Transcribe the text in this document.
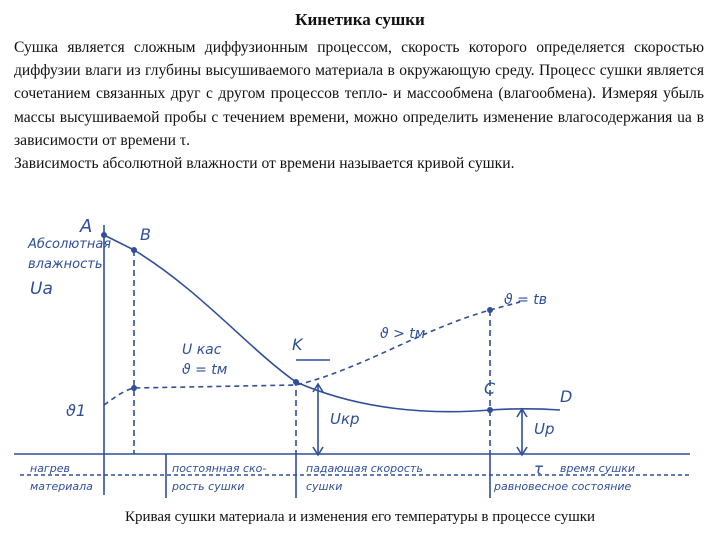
Кинетика сушки

Сушка является сложным диффузионным процессом, скорость которого определяется скоростью диффузии влаги из глубины высушиваемого материала в окружающую среду. Процесс сушки является сочетанием связанных друг с другом процессов тепло- и массообмена (влагообмена). Измеряя убыль массы высушиваемой пробы с течением времени, можно определить изменение влагосодержания uа в зависимости от времени τ.

Зависимость абсолютной влажности от времени называется кривой сушки.

A	B
K
C	D
Абсолютная
влажность
Uа
ϑ1
ϑ = tв
ϑ > tм
U кас
ϑ = tм
Uкр
Uр
τ
нагрев
материала
постоянная ско-
рость сушки
падающая скорость
сушки
время сушки
равновесное состояние
Кривая сушки материала и изменения его температуры в процессе сушки
